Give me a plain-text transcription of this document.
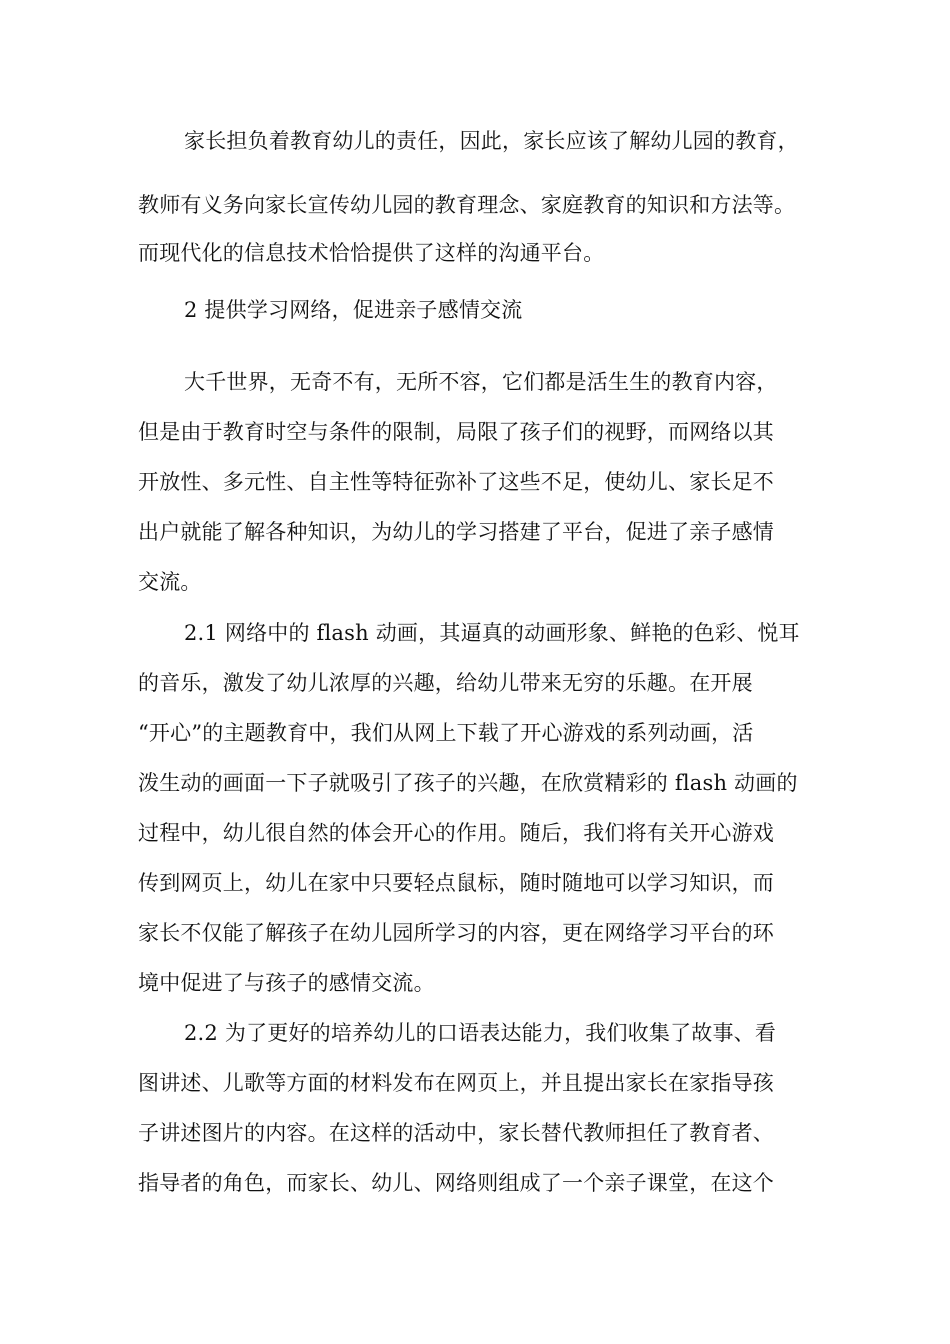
家长担负着教育幼儿的责任，因此，家长应该了解幼儿园的教育，
教师有义务向家长宣传幼儿园的教育理念、家庭教育的知识和方法等。
而现代化的信息技术恰恰提供了这样的沟通平台。
2 提供学习网络，促进亲子感情交流
大千世界，无奇不有，无所不容，它们都是活生生的教育内容，
但是由于教育时空与条件的限制，局限了孩子们的视野，而网络以其
开放性、多元性、自主性等特征弥补了这些不足，使幼儿、家长足不
出户就能了解各种知识，为幼儿的学习搭建了平台，促进了亲子感情
交流。
2.1 网络中的 flash 动画，其逼真的动画形象、鲜艳的色彩、悦耳
的音乐，激发了幼儿浓厚的兴趣，给幼儿带来无穷的乐趣。在开展
“开心”的主题教育中，我们从网上下载了开心游戏的系列动画，活
泼生动的画面一下子就吸引了孩子的兴趣，在欣赏精彩的 flash 动画的
过程中，幼儿很自然的体会开心的作用。随后，我们将有关开心游戏
传到网页上，幼儿在家中只要轻点鼠标，随时随地可以学习知识，而
家长不仅能了解孩子在幼儿园所学习的内容，更在网络学习平台的环
境中促进了与孩子的感情交流。
2.2 为了更好的培养幼儿的口语表达能力，我们收集了故事、看
图讲述、儿歌等方面的材料发布在网页上，并且提出家长在家指导孩
子讲述图片的内容。在这样的活动中，家长替代教师担任了教育者、
指导者的角色，而家长、幼儿、网络则组成了一个亲子课堂，在这个
